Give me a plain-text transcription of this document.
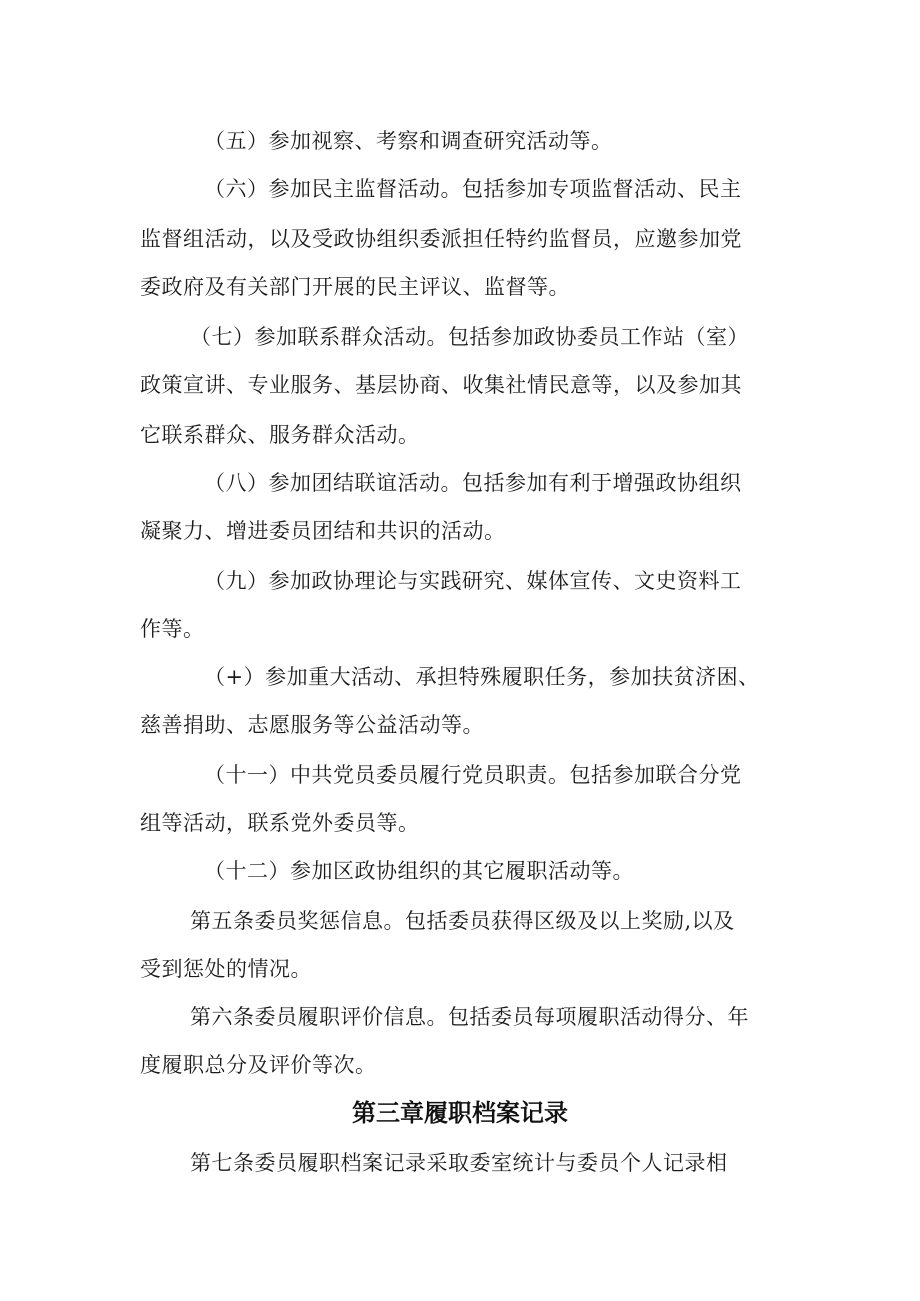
（五）参加视察、考察和调查研究活动等。
（六）参加民主监督活动。包括参加专项监督活动、民主
监督组活动，以及受政协组织委派担任特约监督员，应邀参加党
委政府及有关部门开展的民主评议、监督等。
（七）参加联系群众活动。包括参加政协委员工作站（室）
政策宣讲、专业服务、基层协商、收集社情民意等，以及参加其
它联系群众、服务群众活动。
（八）参加团结联谊活动。包括参加有利于增强政协组织
凝聚力、增进委员团结和共识的活动。
（九）参加政协理论与实践研究、媒体宣传、文史资料工
作等。
（+）参加重大活动、承担特殊履职任务，参加扶贫济困、
慈善捐助、志愿服务等公益活动等。
（十一）中共党员委员履行党员职责。包括参加联合分党
组等活动，联系党外委员等。
（十二）参加区政协组织的其它履职活动等。
第五条委员奖惩信息。包括委员获得区级及以上奖励,以及
受到惩处的情况。
第六条委员履职评价信息。包括委员每项履职活动得分、年
度履职总分及评价等次。
第三章履职档案记录
第七条委员履职档案记录采取委室统计与委员个人记录相
